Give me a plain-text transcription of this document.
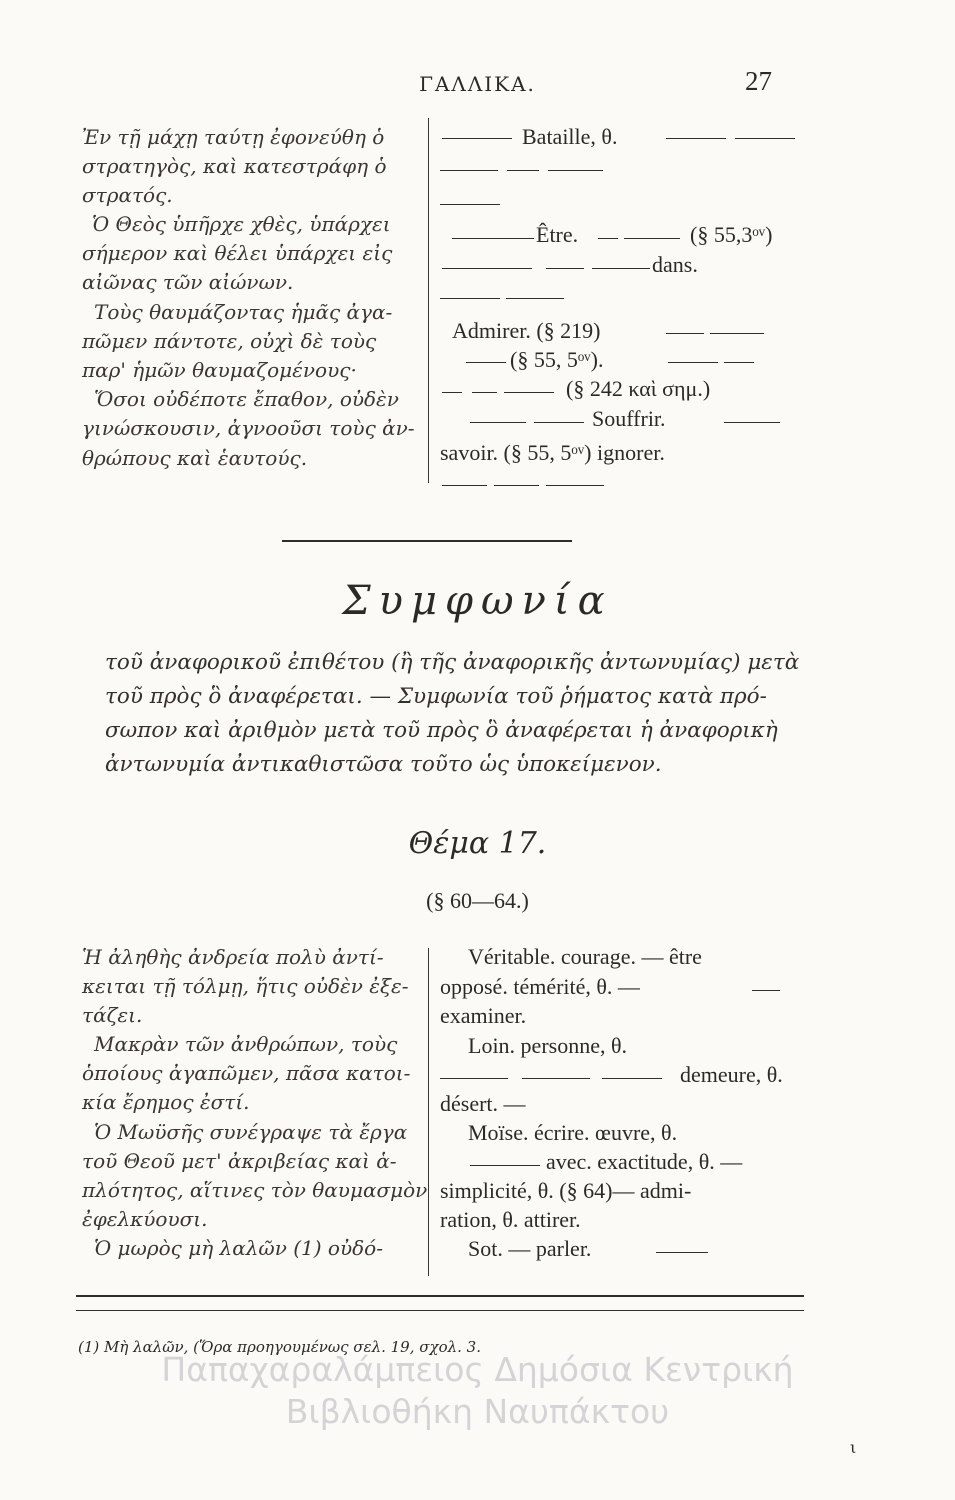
ΓΑΛΛΙΚΑ.	27
Ἐν τῇ μάχῃ ταύτῃ ἐφονεύθη ὁ
στρατηγὸς, καὶ κατεστράφη ὁ
στρατός.
Ὁ Θεὸς ὑπῆρχε χθὲς, ὑπάρχει
σήμερον καὶ θέλει ὑπάρχει εἰς
αἰῶνας τῶν αἰώνων.
Τοὺς θαυμάζοντας ἡμᾶς ἀγα-
πῶμεν πάντοτε, οὐχὶ δὲ τοὺς
παρ' ἡμῶν θαυμαζομένους·
Ὅσοι οὐδέποτε ἔπαθον, οὐδὲν
γινώσκουσιν, ἀγνοοῦσι τοὺς ἀν-
θρώπους καὶ ἑαυτούς.
Bataille, θ.
Être.	(§ 55,3ᵒᵛ)
dans.
Admirer. (§ 219)
(§ 55, 5ᵒᵛ).
(§ 242 καὶ σημ.)
Souffrir.
savoir. (§ 55, 5ᵒᵛ) ignorer.
Συμφωνία
τοῦ ἀναφορικοῦ ἐπιθέτου (ἢ τῆς ἀναφορικῆς ἀντωνυμίας) μετὰ
τοῦ πρὸς ὃ ἀναφέρεται. — Συμφωνία τοῦ ῥήματος κατὰ πρό-
σωπον καὶ ἀριθμὸν μετὰ τοῦ πρὸς ὃ ἀναφέρεται ἡ ἀναφορικὴ
ἀντωνυμία ἀντικαθιστῶσα τοῦτο ὡς ὑποκείμενον.
Θέμα 17.
(§ 60—64.)
Ἡ ἀληθὴς ἀνδρεία πολὺ ἀντί-
κειται τῇ τόλμῃ, ἥτις οὐδὲν ἐξε-
τάζει.
Μακρὰν τῶν ἀνθρώπων, τοὺς
ὁποίους ἀγαπῶμεν, πᾶσα κατοι-
κία ἔρημος ἐστί.
Ὁ Μωϋσῆς συνέγραψε τὰ ἔργα
τοῦ Θεοῦ μετ' ἀκριβείας καὶ ἁ-
πλότητος, αἵτινες τὸν θαυμασμὸν
ἐφελκύουσι.
Ὁ μωρὸς μὴ λαλῶν (1) οὐδό-
Véritable. courage. — être
opposé. témérité, θ. —
examiner.
Loin. personne, θ.
demeure, θ.
désert. —
Moïse. écrire. œuvre, θ.
avec. exactitude, θ. —
simplicité, θ. (§ 64)— admi-
ration, θ. attirer.
Sot. — parler.
(1) Μὴ λαλῶν, (Ὅρα προηγουμένως σελ. 19, σχολ. 3.
Παπαχαραλάμπειος Δημόσια Κεντρική
Βιβλιοθήκη Ναυπάκτου
ι
